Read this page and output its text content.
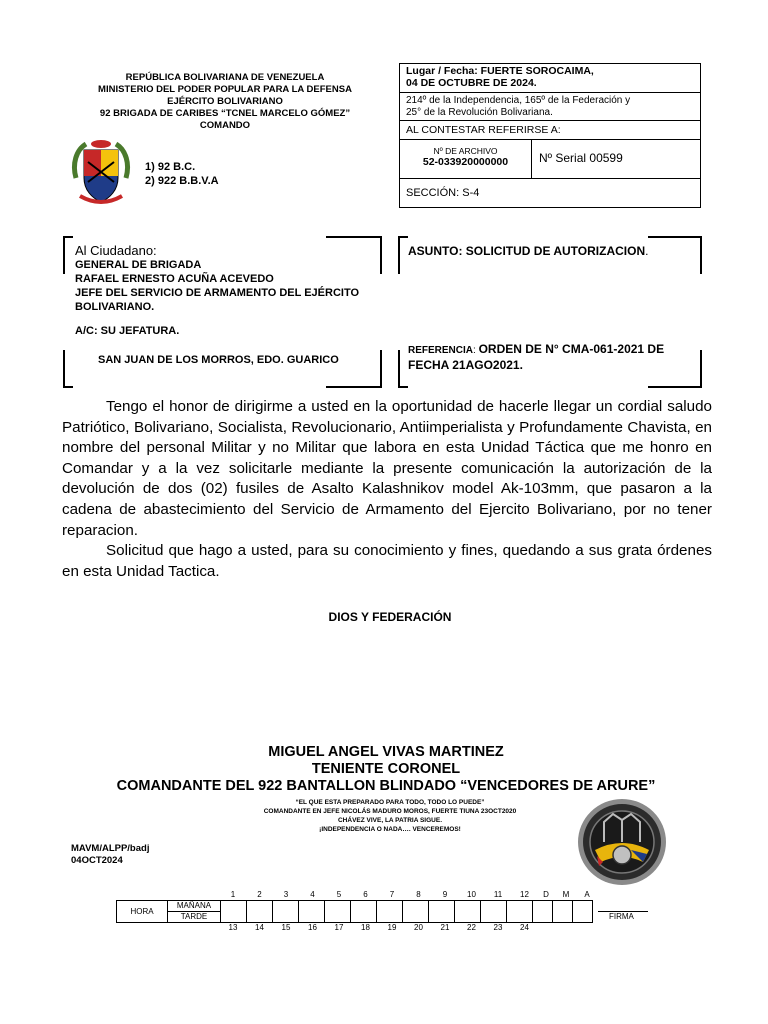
REPÚBLICA BOLIVARIANA DE VENEZUELA
MINISTERIO DEL PODER POPULAR PARA LA DEFENSA
EJÉRCITO BOLIVARIANO
92 BRIGADA DE CARIBES “TCNEL MARCELO GÓMEZ”
COMANDO
1) 92 B.C.
2) 922 B.B.V.A
Lugar / Fecha: FUERTE SOROCAIMA,
04 DE OCTUBRE DE 2024.
214º de la Independencia, 165º de la Federación y
25° de la Revolución Bolivariana.
AL CONTESTAR REFERIRSE A:
Nº DE ARCHIVO
52-033920000000	Nº Serial 00599
SECCIÓN: S-4
Al Ciudadano:
GENERAL DE BRIGADA
RAFAEL ERNESTO ACUÑA ACEVEDO
JEFE DEL SERVICIO DE ARMAMENTO DEL EJÉRCITO
BOLIVARIANO.
A/C: SU JEFATURA.
SAN JUAN DE LOS MORROS, EDO. GUARICO
ASUNTO: SOLICITUD DE AUTORIZACION.
REFERENCIA: ORDEN DE N° CMA-061-2021 DE
FECHA 21AGO2021.
Tengo el honor de dirigirme a usted en la oportunidad de hacerle llegar un cordial saludo Patriótico, Bolivariano, Socialista, Revolucionario, Antiimperialista y Profundamente Chavista, en nombre del personal Militar y no Militar que labora en esta Unidad Táctica que me honro en Comandar y a la vez solicitarle mediante la presente comunicación la autorización de la devolución de dos (02) fusiles de Asalto Kalashnikov model Ak-103mm, que pasaron a la cadena de abastecimiento del Servicio de Armamento del Ejercito Bolivariano, por no tener reparacion.
Solicitud que hago a usted, para su conocimiento y fines, quedando a sus grata órdenes en esta Unidad Tactica.
DIOS Y FEDERACIÓN
MIGUEL ANGEL VIVAS MARTINEZ
TENIENTE CORONEL
COMANDANTE DEL 922 BANTALLON BLINDADO “VENCEDORES DE ARURE”
“EL QUE ESTA PREPARADO PARA TODO, TODO LO PUEDE”
COMANDANTE EN JEFE NICOLÁS MADURO MOROS, FUERTE TIUNA 23OCT2020
CHÁVEZ VIVE, LA PATRIA SIGUE.
¡INDEPENDENCIA O NADA…. VENCEREMOS!
MAVM/ALPP/badj
04OCT2024
1	2	3	4	5	6	7	8	9	10	11	12	D	M	A
HORA	
MAÑANA
TARDE

13	14	15	16	17	18	19	20	21	22	23	24
FIRMA
